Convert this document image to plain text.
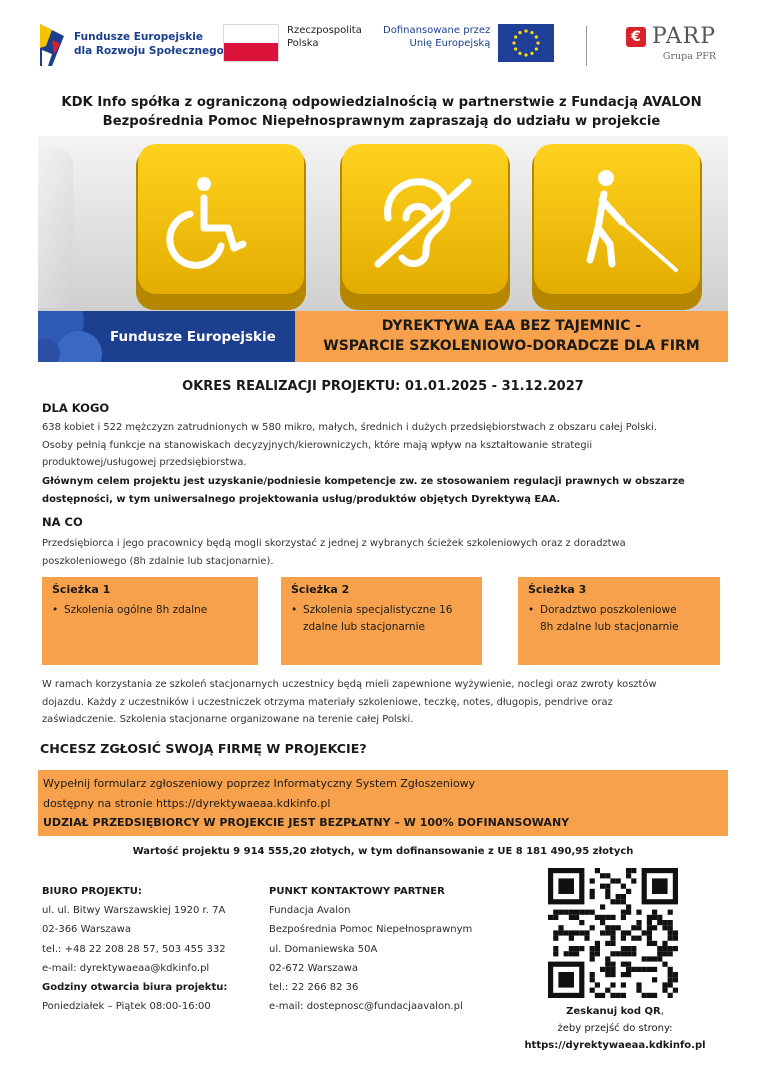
Fundusze Europejskie
dla Rozwoju Społecznego
Rzeczpospolita
Polska
Dofinansowane przez
Unię Europejską	€ PARP
Grupa PFR
KDK Info spółka z ograniczoną odpowiedzialnością w partnerstwie z Fundacją AVALON
Bezpośrednia Pomoc Niepełnosprawnym zapraszają do udziału w projekcie
Fundusze Europejskie
DYREKTYWA EAA BEZ TAJEMNIC -
WSPARCIE SZKOLENIOWO-DORADCZE DLA FIRM
OKRES REALIZACJI PROJEKTU: 01.01.2025 - 31.12.2027
DLA KOGO
638 kobiet i 522 mężczyzn zatrudnionych w 580 mikro, małych, średnich i dużych przedsiębiorstwach z obszaru całej Polski.
Osoby pełnią funkcje na stanowiskach decyzyjnych/kierowniczych, które mają wpływ na kształtowanie strategii
produktowej/usługowej przedsiębiorstwa.
Głównym celem projektu jest uzyskanie/podniesie kompetencje zw. ze stosowaniem regulacji prawnych w obszarze
dostępności, w tym uniwersalnego projektowania usług/produktów objętych Dyrektywą EAA.
NA CO
Przedsiębiorca i jego pracownicy będą mogli skorzystać z jednej z wybranych ścieżek szkoleniowych oraz z doradztwa
poszkoleniowego (8h zdalnie lub stacjonarnie).
Ścieżka 1
• Szkolenia ogólne 8h zdalne
Ścieżka 2
• Szkolenia specjalistyczne 16
zdalne lub stacjonarnie
Ścieżka 3
• Doradztwo poszkoleniowe
8h zdalne lub stacjonarnie
W ramach korzystania ze szkoleń stacjonarnych uczestnicy będą mieli zapewnione wyżywienie, noclegi oraz zwroty kosztów
dojazdu. Każdy z uczestników i uczestniczek otrzyma materiały szkoleniowe, teczkę, notes, długopis, pendrive oraz
zaświadczenie. Szkolenia stacjonarne organizowane na terenie całej Polski.
CHCESZ ZGŁOSIĆ SWOJĄ FIRMĘ W PROJEKCIE?
Wypełnij formularz zgłoszeniowy poprzez Informatyczny System Zgłoszeniowy
dostępny na stronie https://dyrektywaeaa.kdkinfo.pl
UDZIAŁ PRZEDSIĘBIORCY W PROJEKCIE JEST BEZPŁATNY – W 100% DOFINANSOWANY
Wartość projektu 9 914 555,20 złotych, w tym dofinansowanie z UE 8 181 490,95 złotych
BIURO PROJEKTU:
ul. ul. Bitwy Warszawskiej 1920 r. 7A
02-366 Warszawa
tel.: +48 22 208 28 57, 503 455 332
e-mail: dyrektywaeaa@kdkinfo.pl
Godziny otwarcia biura projektu:
Poniedziałek – Piątek 08:00-16:00
PUNKT KONTAKTOWY PARTNER
Fundacja Avalon
Bezpośrednia Pomoc Niepełnosprawnym
ul. Domaniewska 50A
02-672 Warszawa
tel.: 22 266 82 36
e-mail: dostepnosc@fundacjaavalon.pl	Zeskanuj kod QR,
żeby przejść do strony:
https://dyrektywaeaa.kdkinfo.pl
